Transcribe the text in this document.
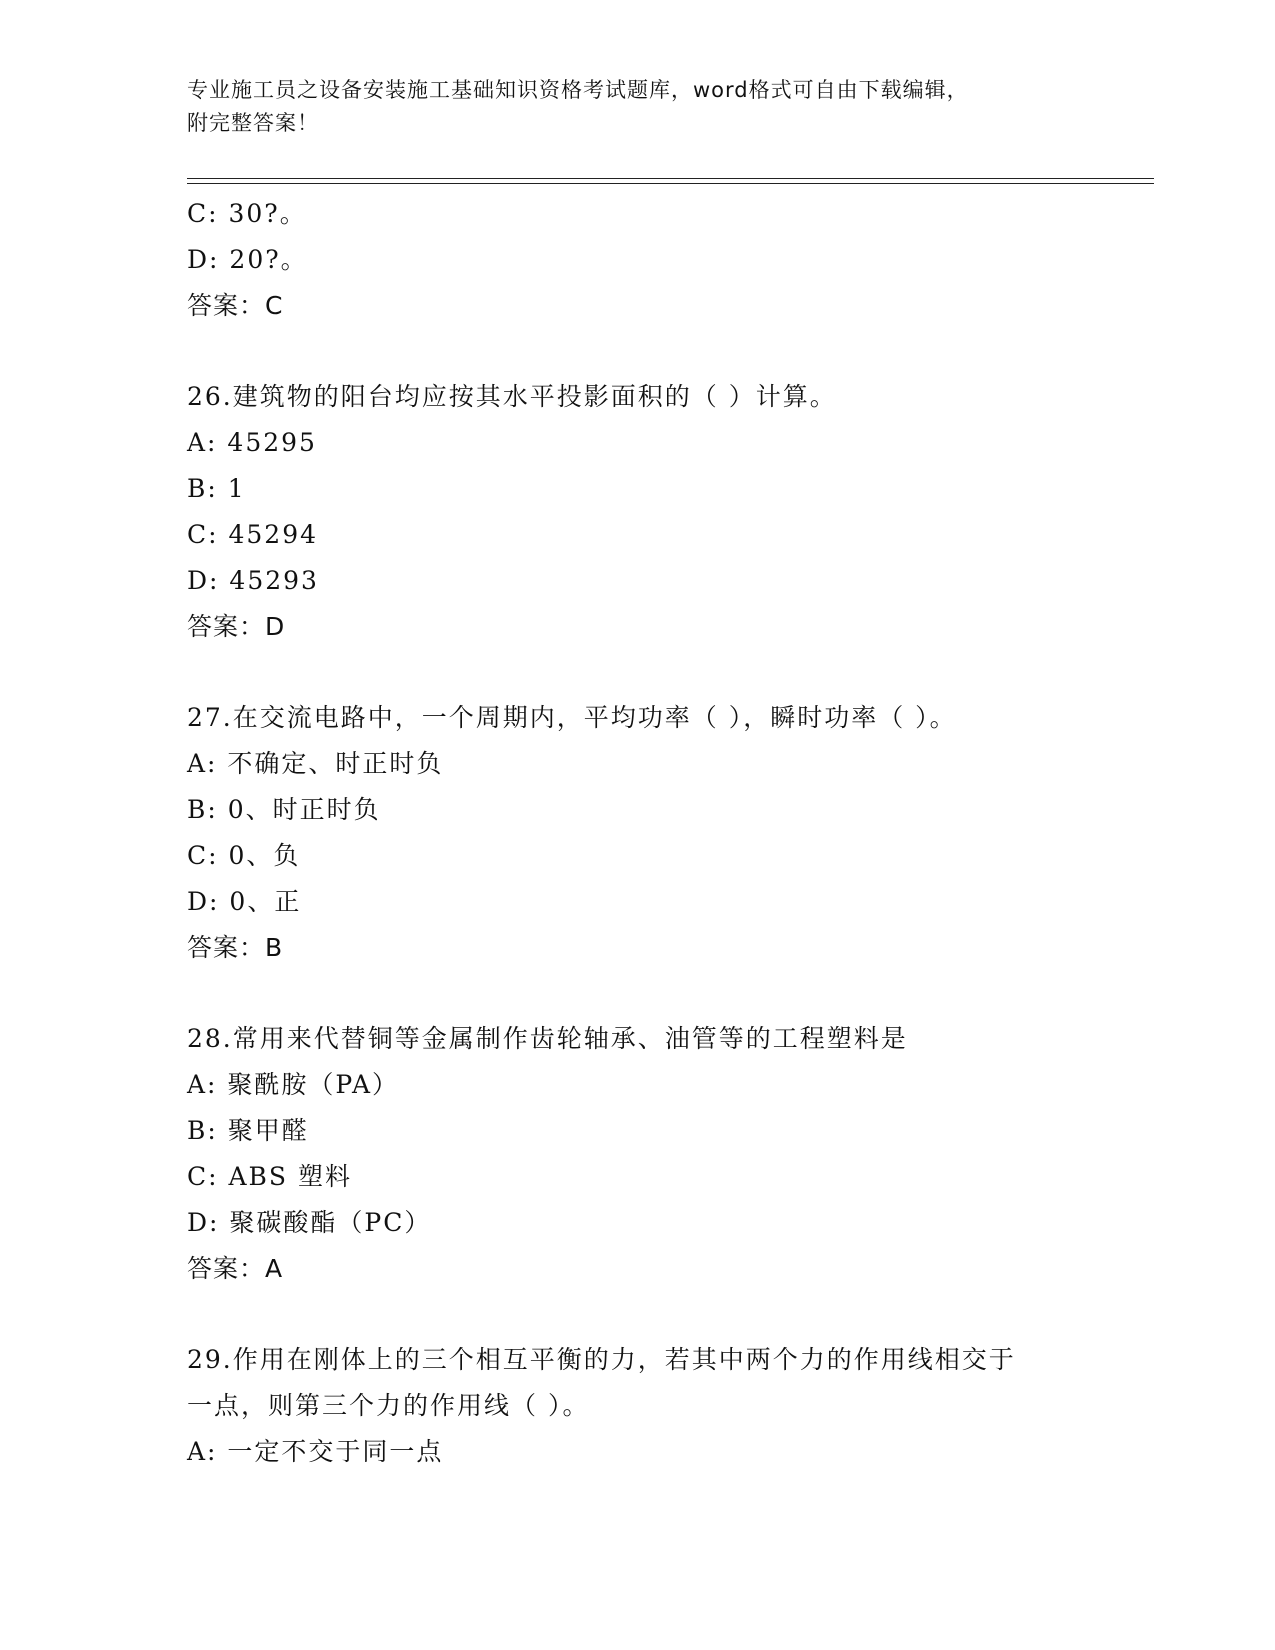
专业施工员之设备安装施工基础知识资格考试题库，word格式可自由下载编辑，
附完整答案！
C: 30?。
D: 20?。
答案：C
26.建筑物的阳台均应按其水平投影面积的（ ）计算。
A: 45295
B: 1
C: 45294
D: 45293
答案：D
27.在交流电路中，一个周期内，平均功率（ ），瞬时功率（ ）。
A: 不确定、时正时负
B: 0、时正时负
C: 0、负
D: 0、正
答案：B
28.常用来代替铜等金属制作齿轮轴承、油管等的工程塑料是
A: 聚酰胺（PA）
B: 聚甲醛
C: ABS 塑料
D: 聚碳酸酯（PC）
答案：A
29.作用在刚体上的三个相互平衡的力，若其中两个力的作用线相交于
一点，则第三个力的作用线（ ）。
A: 一定不交于同一点
